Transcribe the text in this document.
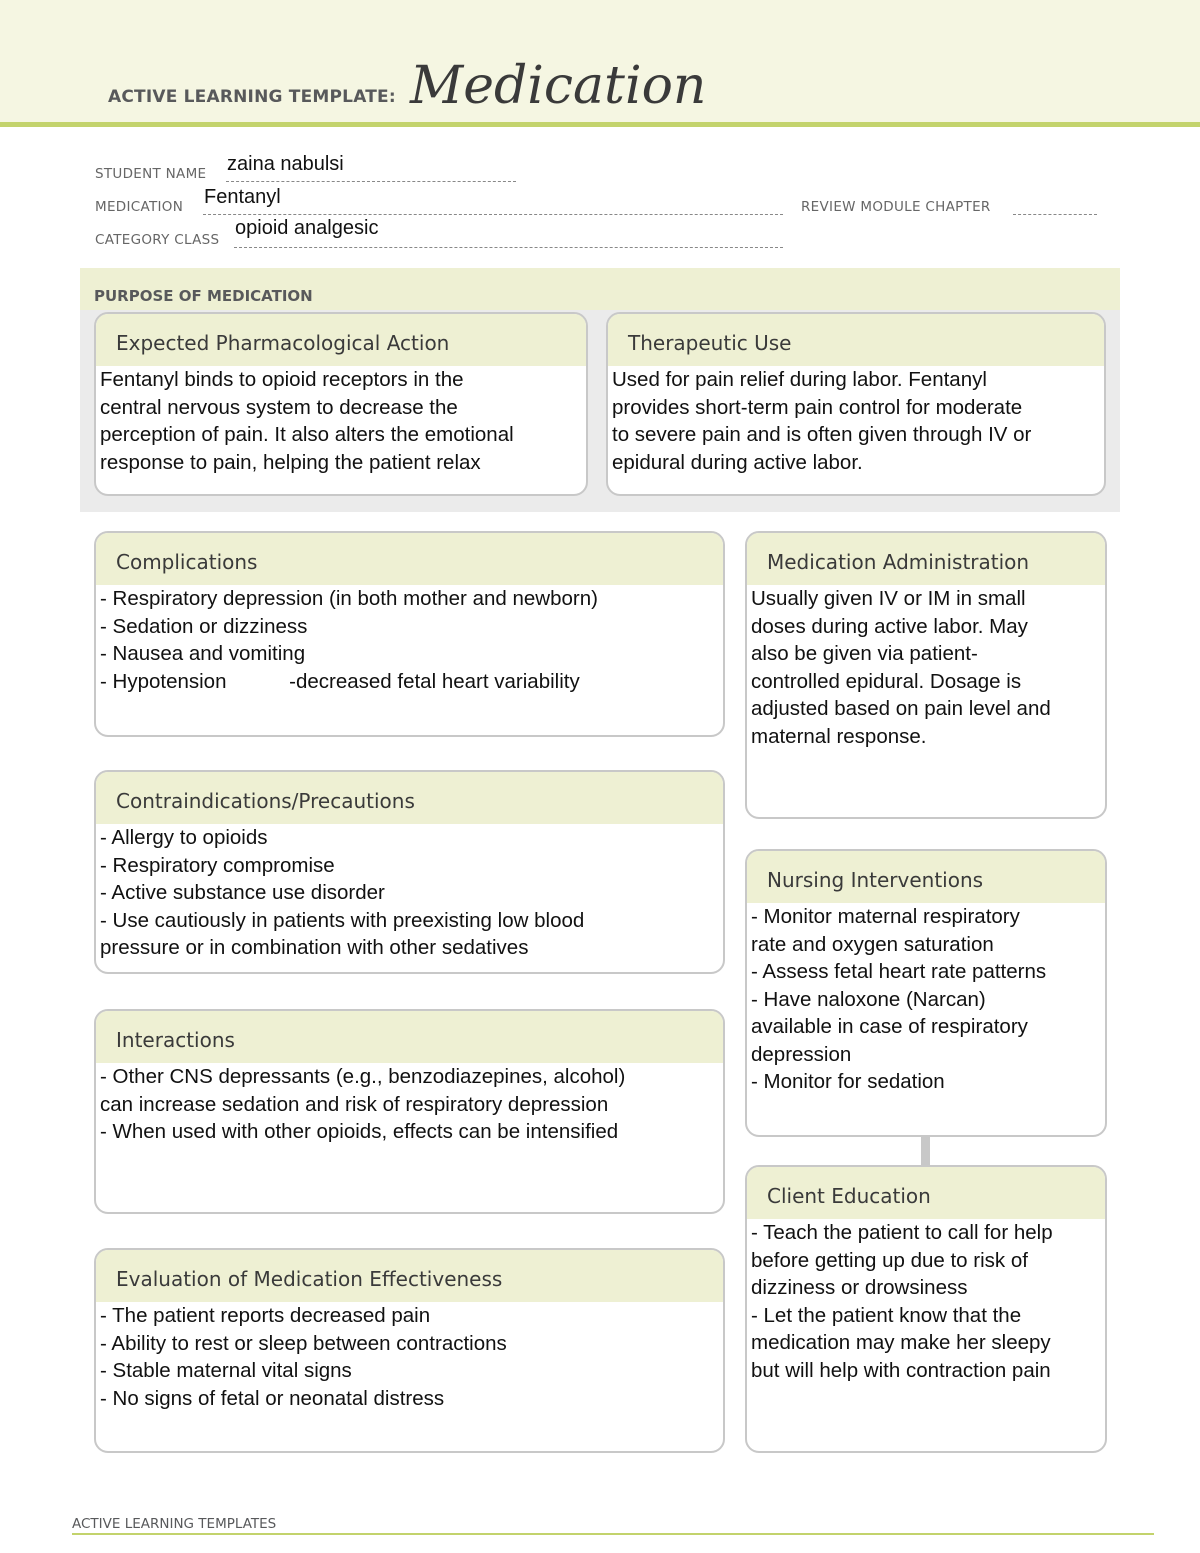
ACTIVE LEARNING TEMPLATE: Medication
STUDENT NAME zaina nabulsi
MEDICATION Fentanyl	REVIEW MODULE CHAPTER
CATEGORY CLASS
opioid analgesic
PURPOSE OF MEDICATION
Expected Pharmacological Action
Fentanyl binds to opioid receptors in the
central nervous system to decrease the
perception of pain. It also alters the emotional
response to pain, helping the patient relax
Therapeutic Use
Used for pain relief during labor. Fentanyl
provides short-term pain control for moderate
to severe pain and is often given through IV or
epidural during active labor.
Complications
- Respiratory depression (in both mother and newborn)
- Sedation or dizziness
- Nausea and vomiting
- Hypotension           -decreased fetal heart variability
Contraindications/Precautions
- Allergy to opioids
- Respiratory compromise
- Active substance use disorder
- Use cautiously in patients with preexisting low blood
pressure or in combination with other sedatives
Interactions
- Other CNS depressants (e.g., benzodiazepines, alcohol)
can increase sedation and risk of respiratory depression
- When used with other opioids, effects can be intensified
Evaluation of Medication Effectiveness
- The patient reports decreased pain
- Ability to rest or sleep between contractions
- Stable maternal vital signs
- No signs of fetal or neonatal distress
Medication Administration
Usually given IV or IM in small
doses during active labor. May
also be given via patient-
controlled epidural. Dosage is
adjusted based on pain level and
maternal response.
Nursing Interventions
- Monitor maternal respiratory
rate and oxygen saturation
- Assess fetal heart rate patterns
- Have naloxone (Narcan)
available in case of respiratory
depression
- Monitor for sedation
Client Education
- Teach the patient to call for help
before getting up due to risk of
dizziness or drowsiness
- Let the patient know that the
medication may make her sleepy
but will help with contraction pain
ACTIVE LEARNING TEMPLATES
